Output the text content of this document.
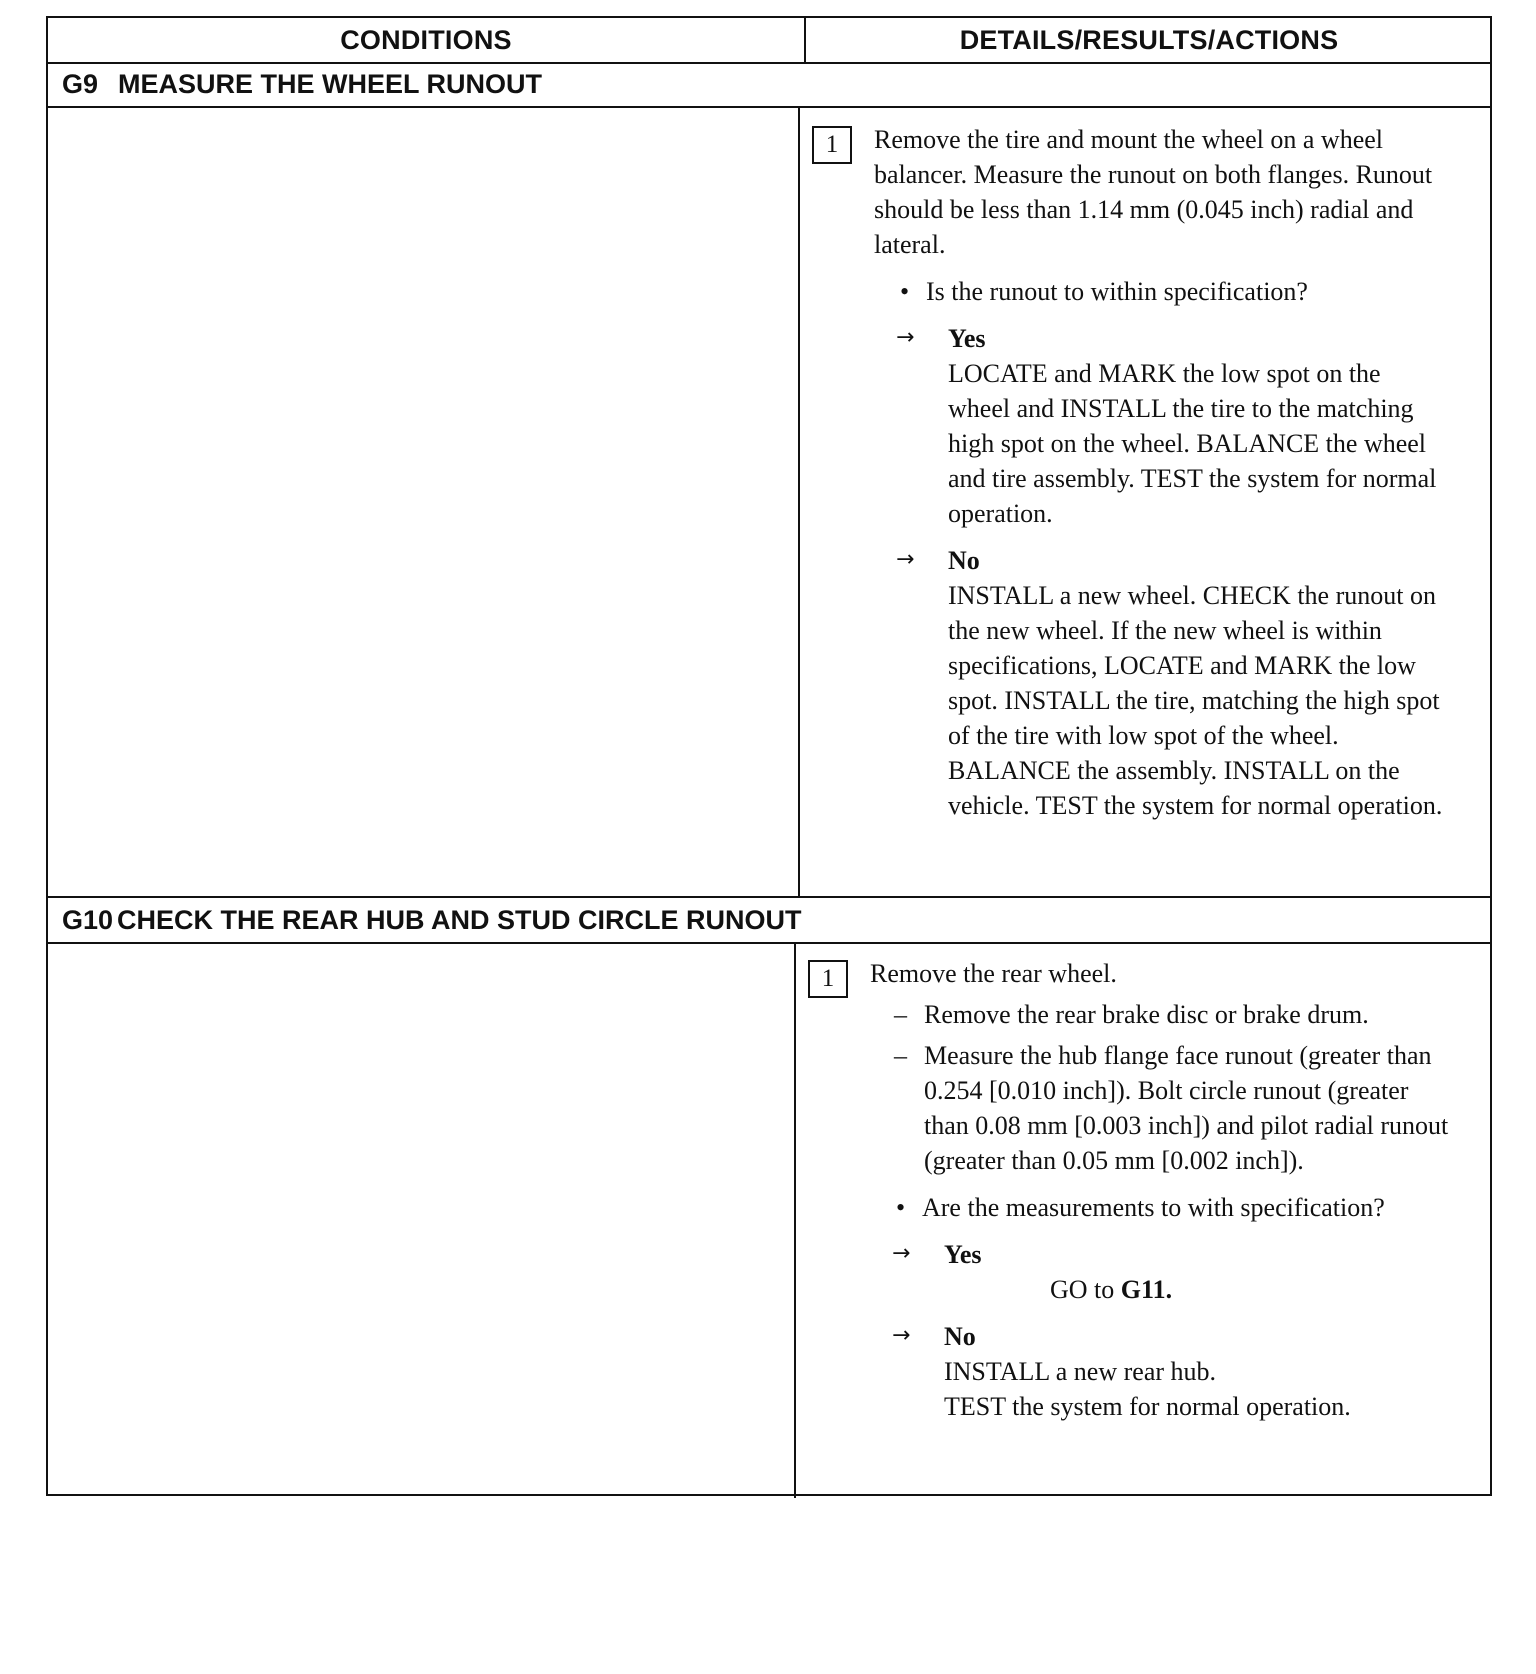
CONDITIONS	DETAILS/RESULTS/ACTIONS
G9 MEASURE THE WHEEL RUNOUT
1	Remove the tire and mount the wheel on a wheel balancer. Measure the runout on both flanges. Runout should be less than 1.14 mm (0.045 inch) radial and lateral.

• Is the runout to within specification?
→ Yes
LOCATE and MARK the low spot on the wheel and INSTALL the tire to the matching high spot on the wheel. BALANCE the wheel and tire assembly. TEST the system for normal operation.
→ No
INSTALL a new wheel. CHECK the runout on the new wheel. If the new wheel is within specifications, LOCATE and MARK the low spot. INSTALL the tire, matching the high spot of the tire with low spot of the wheel. BALANCE the assembly. INSTALL on the vehicle. TEST the system for normal operation.
G10 CHECK THE REAR HUB AND STUD CIRCLE RUNOUT
1	Remove the rear wheel.

– Remove the rear brake disc or brake drum.
– Measure the hub flange face runout (greater than 0.254 [0.010 inch]). Bolt circle runout (greater than 0.08 mm [0.003 inch]) and pilot radial runout (greater than 0.05 mm [0.002 inch]).
• Are the measurements to with specification?
→ Yes
GO to G11.
→ No
INSTALL a new rear hub.
TEST the system for normal operation.
